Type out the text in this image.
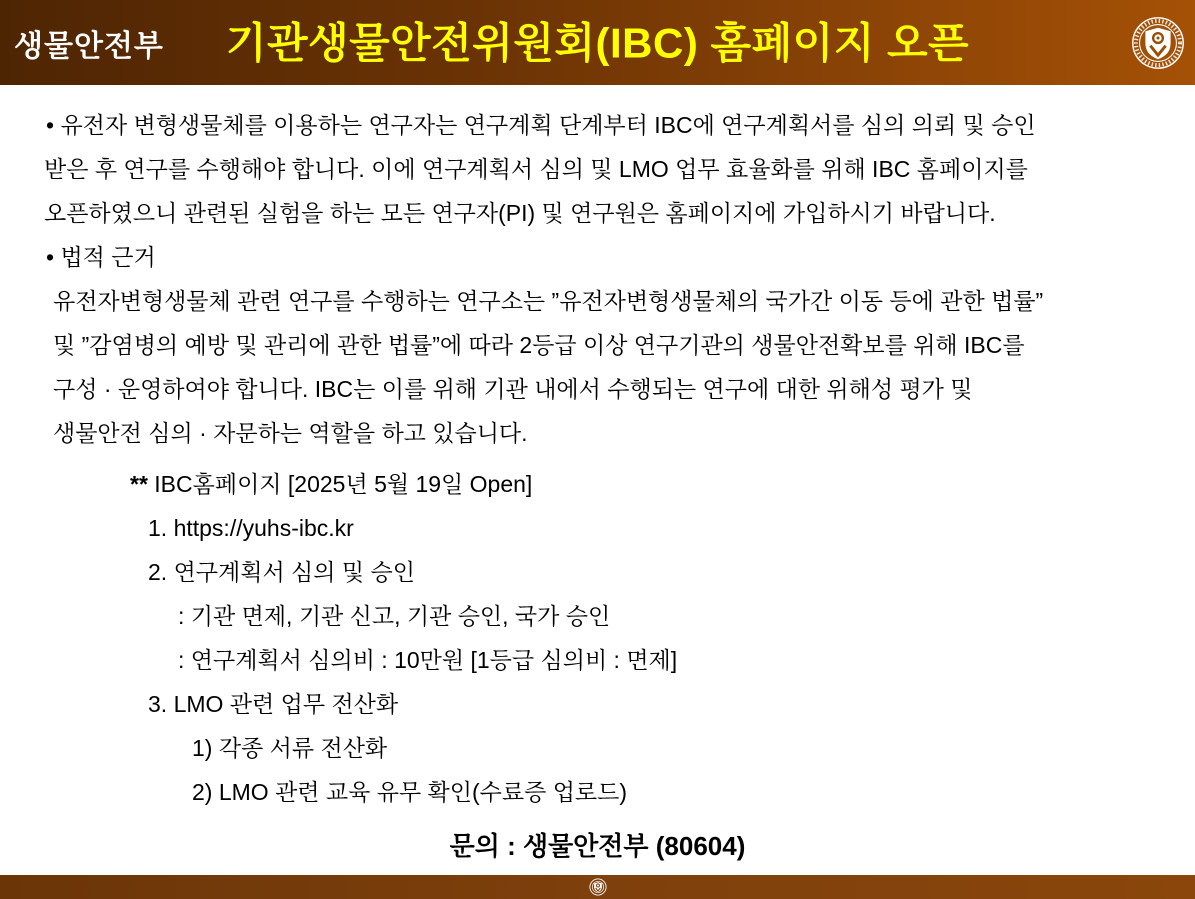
생물안전부	기관생물안전위원회(IBC) 홈페이지 오픈
• 유전자 변형생물체를 이용하는 연구자는 연구계획 단계부터 IBC에 연구계획서를 심의 의뢰 및 승인
받은 후 연구를 수행해야 합니다. 이에 연구계획서 심의 및 LMO 업무 효율화를 위해 IBC 홈페이지를
오픈하였으니 관련된 실험을 하는 모든 연구자(PI) 및 연구원은 홈페이지에 가입하시기 바랍니다.
• 법적 근거
유전자변형생물체 관련 연구를 수행하는 연구소는 ”유전자변형생물체의 국가간 이동 등에 관한 법률”
및 ”감염병의 예방 및 관리에 관한 법률”에 따라 2등급 이상 연구기관의 생물안전확보를 위해 IBC를
구성 · 운영하여야 합니다. IBC는 이를 위해 기관 내에서 수행되는 연구에 대한 위해성 평가 및
생물안전 심의 · 자문하는 역할을 하고 있습니다.
** IBC홈페이지 [2025년 5월 19일 Open]
1. https://yuhs-ibc.kr
2. 연구계획서 심의 및 승인
: 기관 면제, 기관 신고, 기관 승인, 국가 승인
: 연구계획서 심의비 : 10만원 [1등급 심의비 : 면제]
3. LMO 관련 업무 전산화
1) 각종 서류 전산화
2) LMO 관련 교육 유무 확인(수료증 업로드)
문의 : 생물안전부 (80604)
